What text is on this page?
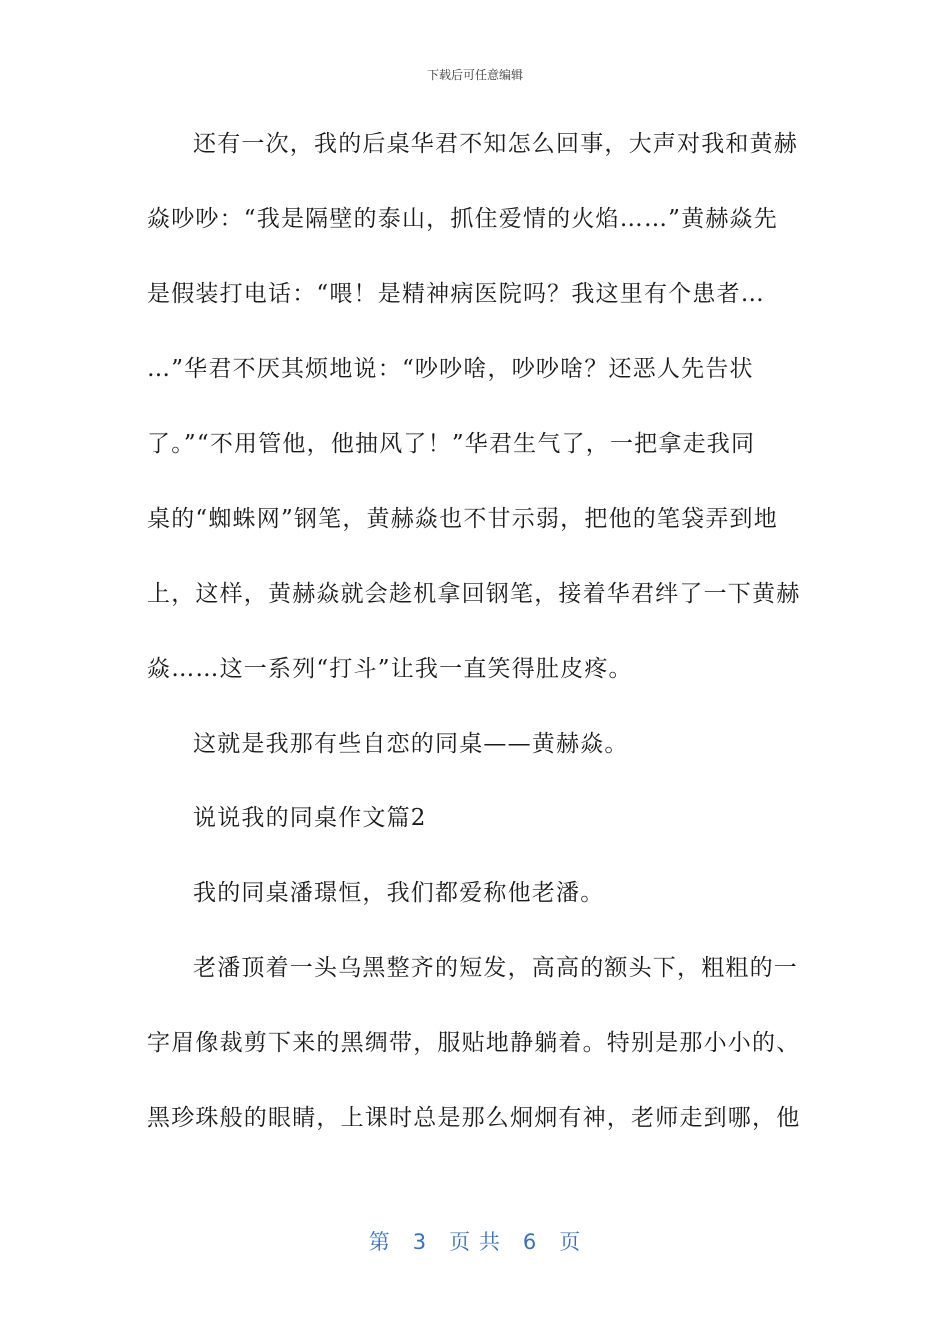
下载后可任意编辑
还有一次，我的后桌华君不知怎么回事，大声对我和黄赫
焱吵吵：“我是隔壁的泰山，抓住爱情的火焰……”黄赫焱先
是假装打电话：“喂！是精神病医院吗？我这里有个患者…
…”华君不厌其烦地说：“吵吵啥，吵吵啥？还恶人先告状
了。”“不用管他，他抽风了！”华君生气了，一把拿走我同
桌的“蜘蛛网”钢笔，黄赫焱也不甘示弱，把他的笔袋弄到地
上，这样，黄赫焱就会趁机拿回钢笔，接着华君绊了一下黄赫
焱……这一系列“打斗”让我一直笑得肚皮疼。
这就是我那有些自恋的同桌——黄赫焱。
说说我的同桌作文篇2
我的同桌潘璟恒，我们都爱称他老潘。
老潘顶着一头乌黑整齐的短发，高高的额头下，粗粗的一
字眉像裁剪下来的黑绸带，服贴地静躺着。特别是那小小的、
黑珍珠般的眼睛，上课时总是那么炯炯有神，老师走到哪，他
第 3 页 共 6 页
